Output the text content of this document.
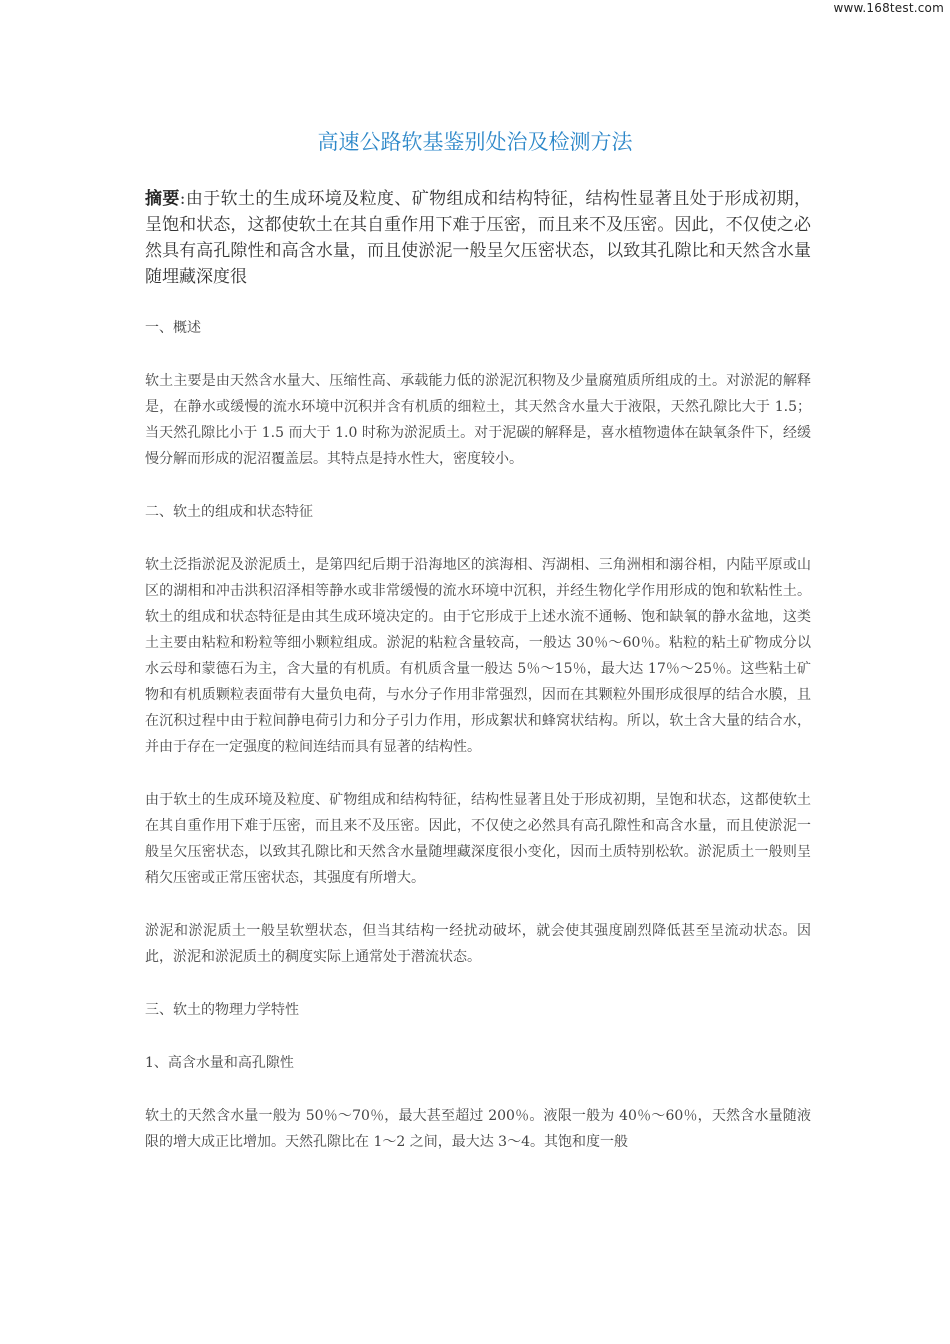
www.168test.com
高速公路软基鉴别处治及检测方法

摘要:由于软土的生成环境及粒度、矿物组成和结构特征，结构性显著且处于形成初期，呈饱和状态，这都使软土在其自重作用下难于压密，而且来不及压密。因此，不仅使之必然具有高孔隙性和高含水量，而且使淤泥一般呈欠压密状态，以致其孔隙比和天然含水量随埋藏深度很

一、概述

软土主要是由天然含水量大、压缩性高、承载能力低的淤泥沉积物及少量腐殖质所组成的土。对淤泥的解释是，在静水或缓慢的流水环境中沉积并含有机质的细粒土，其天然含水量大于液限，天然孔隙比大于 1.5；当天然孔隙比小于 1.5 而大于 1.0 时称为淤泥质土。对于泥碳的解释是，喜水植物遗体在缺氧条件下，经缓慢分解而形成的泥沼覆盖层。其特点是持水性大，密度较小。

二、软土的组成和状态特征

软土泛指淤泥及淤泥质土，是第四纪后期于沿海地区的滨海相、泻湖相、三角洲相和溺谷相，内陆平原或山区的湖相和冲击洪积沼泽相等静水或非常缓慢的流水环境中沉积，并经生物化学作用形成的饱和软粘性土。软土的组成和状态特征是由其生成环境决定的。由于它形成于上述水流不通畅、饱和缺氧的静水盆地，这类土主要由粘粒和粉粒等细小颗粒组成。淤泥的粘粒含量较高，一般达 30％～60％。粘粒的粘土矿物成分以水云母和蒙德石为主，含大量的有机质。有机质含量一般达 5％～15％，最大达 17％～25％。这些粘土矿物和有机质颗粒表面带有大量负电荷，与水分子作用非常强烈，因而在其颗粒外围形成很厚的结合水膜，且在沉积过程中由于粒间静电荷引力和分子引力作用，形成絮状和蜂窝状结构。所以，软土含大量的结合水，并由于存在一定强度的粒间连结而具有显著的结构性。

由于软土的生成环境及粒度、矿物组成和结构特征，结构性显著且处于形成初期，呈饱和状态，这都使软土在其自重作用下难于压密，而且来不及压密。因此，不仅使之必然具有高孔隙性和高含水量，而且使淤泥一般呈欠压密状态，以致其孔隙比和天然含水量随埋藏深度很小变化，因而土质特别松软。淤泥质土一般则呈稍欠压密或正常压密状态，其强度有所增大。

淤泥和淤泥质土一般呈软塑状态，但当其结构一经扰动破坏，就会使其强度剧烈降低甚至呈流动状态。因此，淤泥和淤泥质土的稠度实际上通常处于潜流状态。

三、软土的物理力学特性

1、高含水量和高孔隙性

软土的天然含水量一般为 50％～70％，最大甚至超过 200％。液限一般为 40％～60％，天然含水量随液限的增大成正比增加。天然孔隙比在 1～2 之间，最大达 3～4。其饱和度一般
